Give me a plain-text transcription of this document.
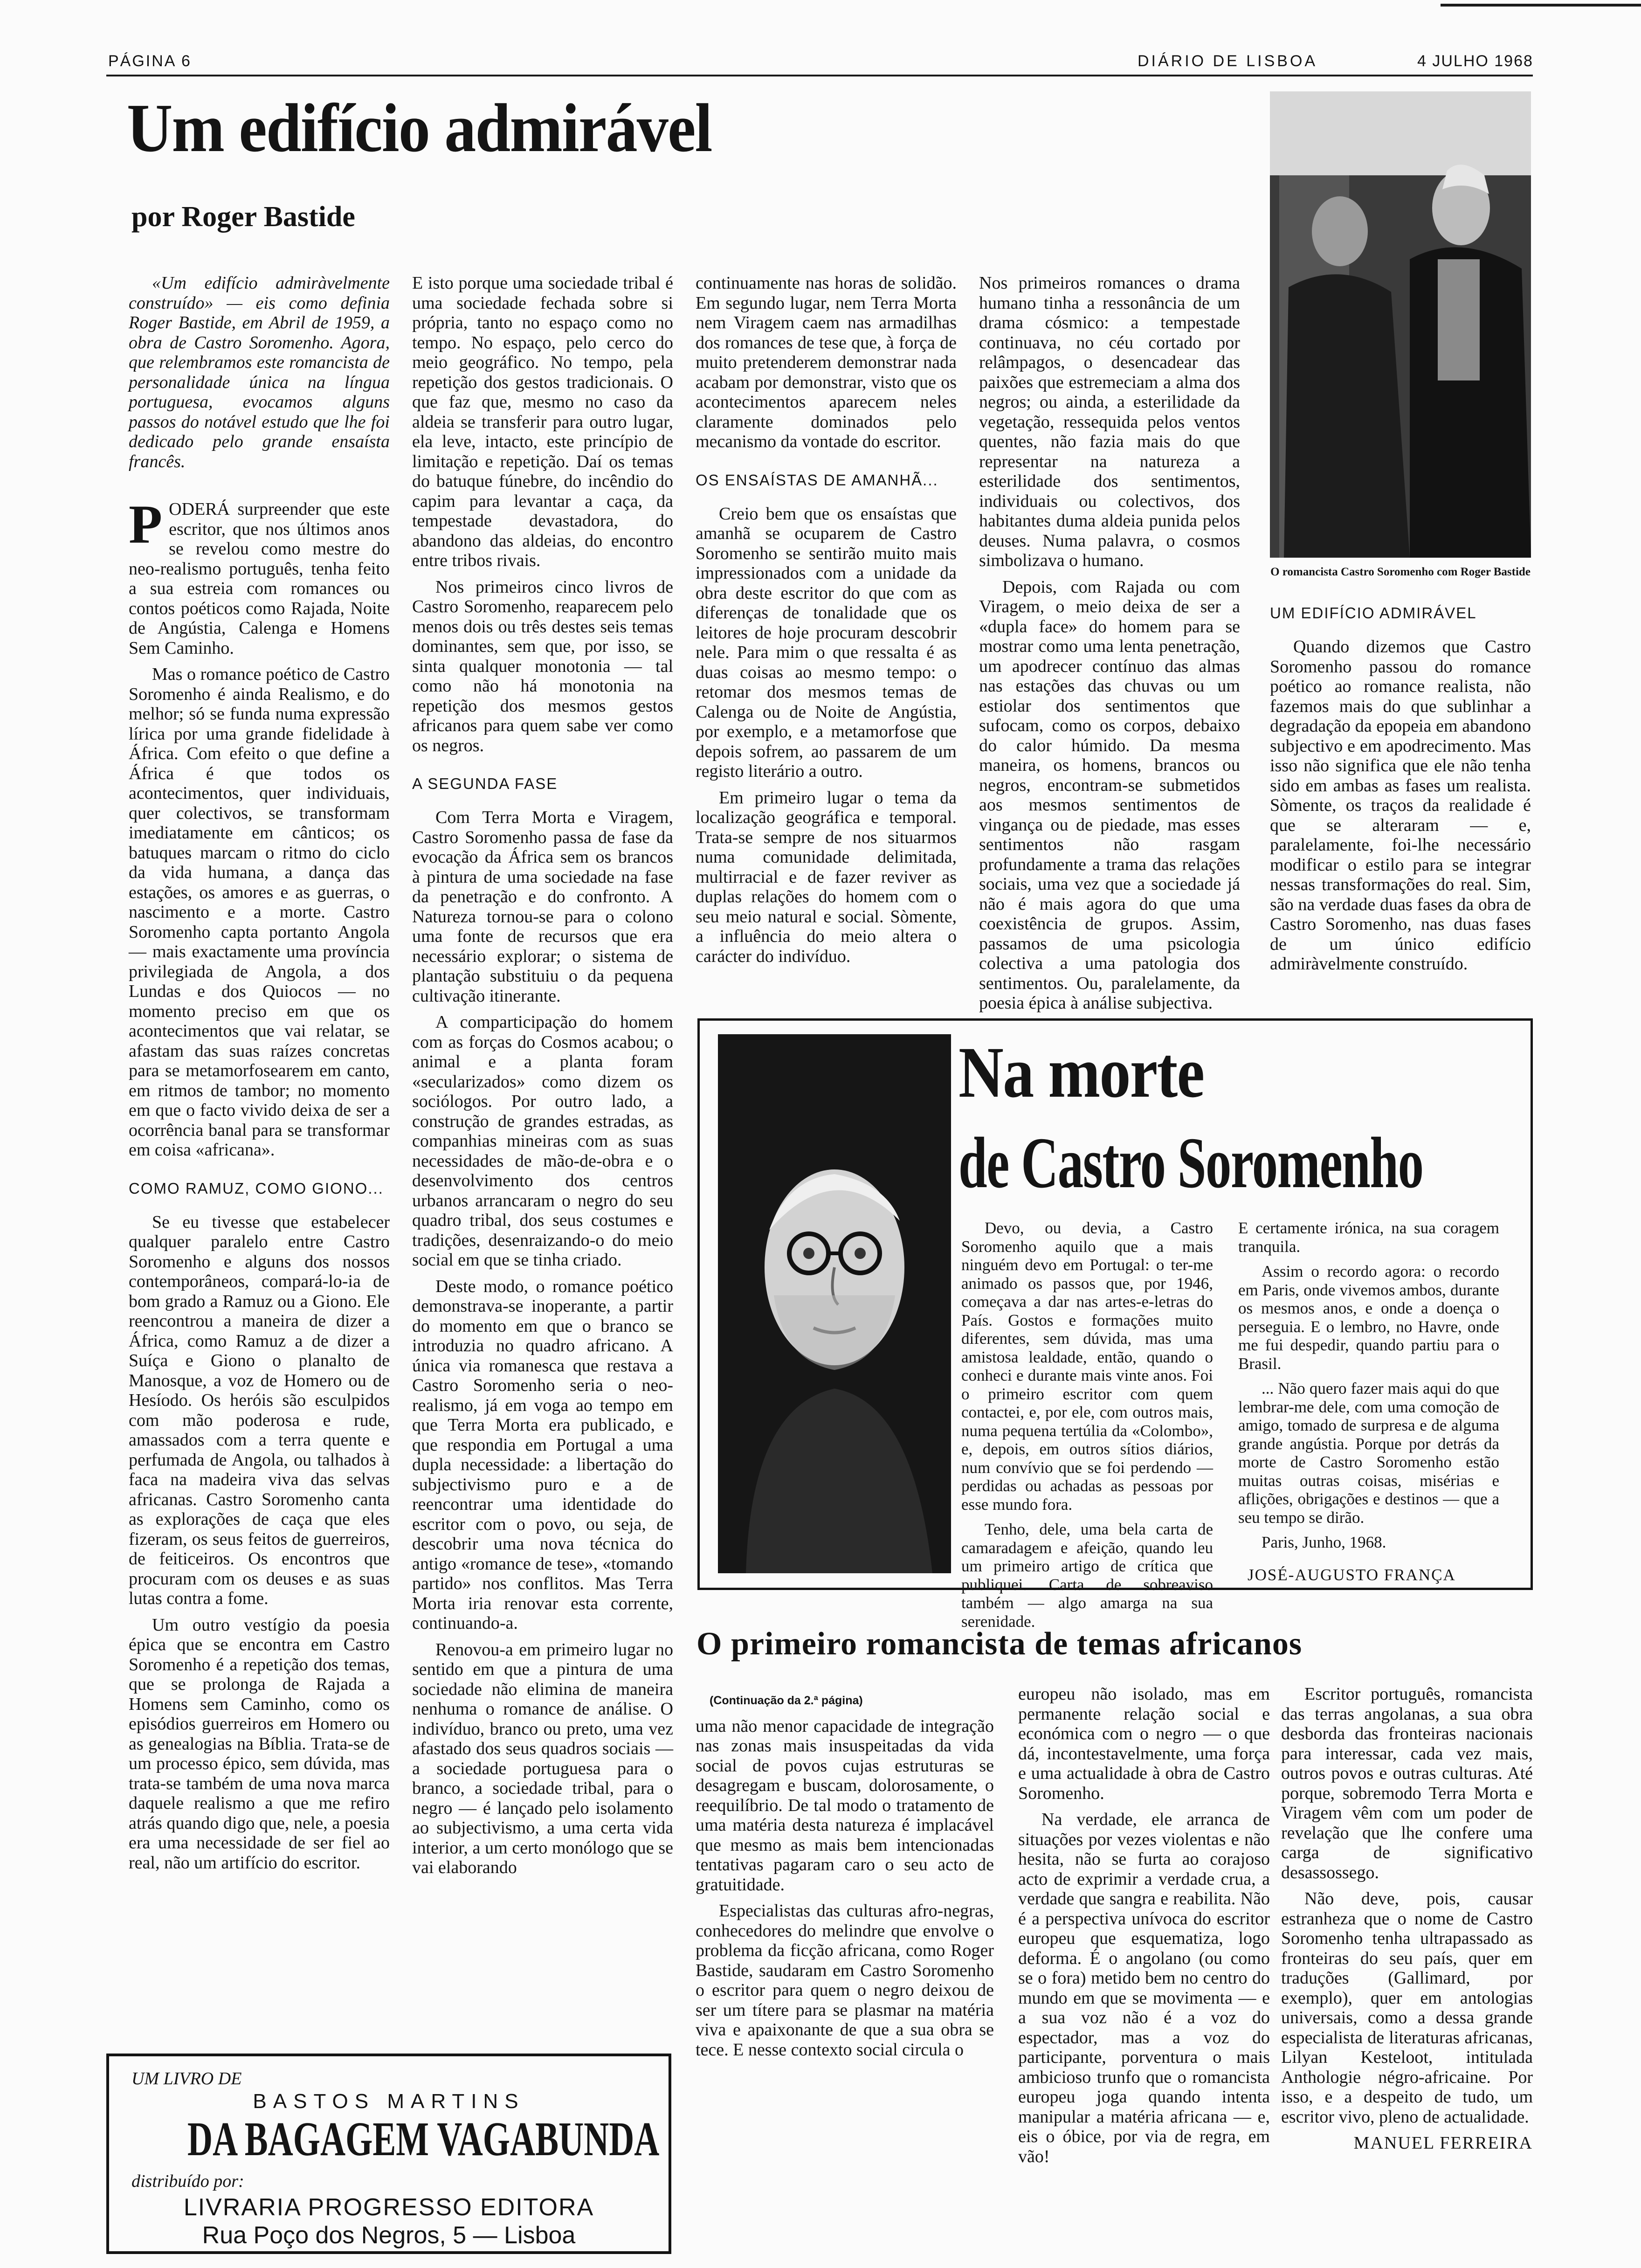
PÁGINA 6	DIÁRIO DE LISBOA	4 JULHO 1968
Um edifício admirável
por Roger Bastide

«Um edifício admiràvelmente construído» — eis como definia Roger Bastide, em Abril de 1959, a obra de Castro Soromenho. Agora, que relembramos este romancista de personalidade única na língua portuguesa, evocamos alguns passos do notável estudo que lhe foi dedicado pelo grande ensaísta francês.

PODERÁ surpreender que este escritor, que nos últimos anos se revelou como mestre do neo-realismo português, tenha feito a sua estreia com romances ou contos poéticos como Rajada, Noite de Angústia, Calenga e Homens Sem Caminho.

Mas o romance poético de Castro Soromenho é ainda Realismo, e do melhor; só se funda numa expressão lírica por uma grande fidelidade à África. Com efeito o que define a África é que todos os acontecimentos, quer individuais, quer colectivos, se transformam imediatamente em cânticos; os batuques marcam o ritmo do ciclo da vida humana, a dança das estações, os amores e as guerras, o nascimento e a morte. Castro Soromenho capta portanto Angola — mais exactamente uma província privilegiada de Angola, a dos Lundas e dos Quiocos — no momento preciso em que os acontecimentos que vai relatar, se afastam das suas raízes concretas para se metamorfosearem em canto, em ritmos de tambor; no momento em que o facto vivido deixa de ser a ocorrência banal para se transformar em coisa «africana».

COMO RAMUZ, COMO GIONO...

Se eu tivesse que estabelecer qualquer paralelo entre Castro Soromenho e alguns dos nossos contemporâneos, compará-lo-ia de bom grado a Ramuz ou a Giono. Ele reencontrou a maneira de dizer a África, como Ramuz a de dizer a Suíça e Giono o planalto de Manosque, a voz de Homero ou de Hesíodo. Os heróis são esculpidos com mão poderosa e rude, amassados com a terra quente e perfumada de Angola, ou talhados à faca na madeira viva das selvas africanas. Castro Soromenho canta as explorações de caça que eles fizeram, os seus feitos de guerreiros, de feiticeiros. Os encontros que procuram com os deuses e as suas lutas contra a fome.

Um outro vestígio da poesia épica que se encontra em Castro Soromenho é a repetição dos temas, que se prolonga de Rajada a Homens sem Caminho, como os episódios guerreiros em Homero ou as genealogias na Bíblia. Trata-se de um processo épico, sem dúvida, mas trata-se também de uma nova marca daquele realismo a que me refiro atrás quando digo que, nele, a poesia era uma necessidade de ser fiel ao real, não um artifício do escritor.

E isto porque uma sociedade tribal é uma sociedade fechada sobre si própria, tanto no espaço como no tempo. No espaço, pelo cerco do meio geográfico. No tempo, pela repetição dos gestos tradicionais. O que faz que, mesmo no caso da aldeia se transferir para outro lugar, ela leve, intacto, este princípio de limitação e repetição. Daí os temas do batuque fúnebre, do incêndio do capim para levantar a caça, da tempestade devastadora, do abandono das aldeias, do encontro entre tribos rivais.

Nos primeiros cinco livros de Castro Soromenho, reaparecem pelo menos dois ou três destes seis temas dominantes, sem que, por isso, se sinta qualquer monotonia — tal como não há monotonia na repetição dos mesmos gestos africanos para quem sabe ver como os negros.

A SEGUNDA FASE

Com Terra Morta e Viragem, Castro Soromenho passa de fase da evocação da África sem os brancos à pintura de uma sociedade na fase da penetração e do confronto. A Natureza tornou-se para o colono uma fonte de recursos que era necessário explorar; o sistema de plantação substituiu o da pequena cultivação itinerante.

A comparticipação do homem com as forças do Cosmos acabou; o animal e a planta foram «secularizados» como dizem os sociólogos. Por outro lado, a construção de grandes estradas, as companhias mineiras com as suas necessidades de mão-de-obra e o desenvolvimento dos centros urbanos arrancaram o negro do seu quadro tribal, dos seus costumes e tradições, desenraizando-o do meio social em que se tinha criado.

Deste modo, o romance poético demonstrava-se inoperante, a partir do momento em que o branco se introduzia no quadro africano. A única via romanesca que restava a Castro Soromenho seria o neo-realismo, já em voga ao tempo em que Terra Morta era publicado, e que respondia em Portugal a uma dupla necessidade: a libertação do subjectivismo puro e a de reencontrar uma identidade do escritor com o povo, ou seja, de descobrir uma nova técnica do antigo «romance de tese», «tomando partido» nos conflitos. Mas Terra Morta iria renovar esta corrente, continuando-a.

Renovou-a em primeiro lugar no sentido em que a pintura de uma sociedade não elimina de maneira nenhuma o romance de análise. O indivíduo, branco ou preto, uma vez afastado dos seus quadros sociais — a sociedade portuguesa para o branco, a sociedade tribal, para o negro — é lançado pelo isolamento ao subjectivismo, a uma certa vida interior, a um certo monólogo que se vai elaborando

continuamente nas horas de solidão. Em segundo lugar, nem Terra Morta nem Viragem caem nas armadilhas dos romances de tese que, à força de muito pretenderem demonstrar nada acabam por demonstrar, visto que os acontecimentos aparecem neles claramente dominados pelo mecanismo da vontade do escritor.

OS ENSAÍSTAS DE AMANHÃ...

Creio bem que os ensaístas que amanhã se ocuparem de Castro Soromenho se sentirão muito mais impressionados com a unidade da obra deste escritor do que com as diferenças de tonalidade que os leitores de hoje procuram descobrir nele. Para mim o que ressalta é as duas coisas ao mesmo tempo: o retomar dos mesmos temas de Calenga ou de Noite de Angústia, por exemplo, e a metamorfose que depois sofrem, ao passarem de um registo literário a outro.

Em primeiro lugar o tema da localização geográfica e temporal. Trata-se sempre de nos situarmos numa comunidade delimitada, multirracial e de fazer reviver as duplas relações do homem com o seu meio natural e social. Sòmente, a influência do meio altera o carácter do indivíduo.

Nos primeiros romances o drama humano tinha a ressonância de um drama cósmico: a tempestade continuava, no céu cortado por relâmpagos, o desencadear das paixões que estremeciam a alma dos negros; ou ainda, a esterilidade da vegetação, ressequida pelos ventos quentes, não fazia mais do que representar na natureza a esterilidade dos sentimentos, individuais ou colectivos, dos habitantes duma aldeia punida pelos deuses. Numa palavra, o cosmos simbolizava o humano.

Depois, com Rajada ou com Viragem, o meio deixa de ser a «dupla face» do homem para se mostrar como uma lenta penetração, um apodrecer contínuo das almas nas estações das chuvas ou um estiolar dos sentimentos que sufocam, como os corpos, debaixo do calor húmido. Da mesma maneira, os homens, brancos ou negros, encontram-se submetidos aos mesmos sentimentos de vingança ou de piedade, mas esses sentimentos não rasgam profundamente a trama das relações sociais, uma vez que a sociedade já não é mais agora do que uma coexistência de grupos. Assim, passamos de uma psicologia colectiva a uma patologia dos sentimentos. Ou, paralelamente, da poesia épica à análise subjectiva.

O romancista Castro Soromenho com Roger Bastide

UM EDIFÍCIO ADMIRÁVEL

Quando dizemos que Castro Soromenho passou do romance poético ao romance realista, não fazemos mais do que sublinhar a degradação da epopeia em abandono subjectivo e em apodrecimento. Mas isso não significa que ele não tenha sido em ambas as fases um realista. Sòmente, os traços da realidade é que se alteraram — e, paralelamente, foi-lhe necessário modificar o estilo para se integrar nessas transformações do real. Sim, são na verdade duas fases da obra de Castro Soromenho, nas duas fases de um único edifício admiràvelmente construído.

Na morte
de Castro Soromenho

Devo, ou devia, a Castro Soromenho aquilo que a mais ninguém devo em Portugal: o ter-me animado os passos que, por 1946, começava a dar nas artes-e-letras do País. Gostos e formações muito diferentes, sem dúvida, mas uma amistosa lealdade, então, quando o conheci e durante mais vinte anos. Foi o primeiro escritor com quem contactei, e, por ele, com outros mais, numa pequena tertúlia da «Colombo», e, depois, em outros sítios diários, num convívio que se foi perdendo — perdidas ou achadas as pessoas por esse mundo fora.

Tenho, dele, uma bela carta de camaradagem e afeição, quando leu um primeiro artigo de crítica que publiquei. Carta de sobreaviso também — algo amarga na sua serenidade.

E certamente irónica, na sua coragem tranquila.

Assim o recordo agora: o recordo em Paris, onde vivemos ambos, durante os mesmos anos, e onde a doença o perseguia. E o lembro, no Havre, onde me fui despedir, quando partiu para o Brasil.

... Não quero fazer mais aqui do que lembrar-me dele, com uma comoção de amigo, tomado de surpresa e de alguma grande angústia. Porque por detrás da morte de Castro Soromenho estão muitas outras coisas, misérias e aflições, obrigações e destinos — que a seu tempo se dirão.

Paris, Junho, 1968.

JOSÉ-AUGUSTO FRANÇA

O primeiro romancista de temas africanos

(Continuação da 2.ª página)

uma não menor capacidade de integração nas zonas mais insuspeitadas da vida social de povos cujas estruturas se desagregam e buscam, dolorosamente, o reequilíbrio. De tal modo o tratamento de uma matéria desta natureza é implacável que mesmo as mais bem intencionadas tentativas pagaram caro o seu acto de gratuitidade.

Especialistas das culturas afro-negras, conhecedores do melindre que envolve o problema da ficção africana, como Roger Bastide, saudaram em Castro Soromenho o escritor para quem o negro deixou de ser um títere para se plasmar na matéria viva e apaixonante de que a sua obra se tece. E nesse contexto social circula o

europeu não isolado, mas em permanente relação social e económica com o negro — o que dá, incontestavelmente, uma força e uma actualidade à obra de Castro Soromenho.

Na verdade, ele arranca de situações por vezes violentas e não hesita, não se furta ao corajoso acto de exprimir a verdade crua, a verdade que sangra e reabilita. Não é a perspectiva unívoca do escritor europeu que esquematiza, logo deforma. É o angolano (ou como se o fora) metido bem no centro do mundo em que se movimenta — e a sua voz não é a voz do espectador, mas a voz do participante, porventura o mais ambicioso trunfo que o romancista europeu joga quando intenta manipular a matéria africana — e, eis o óbice, por via de regra, em vão!

Escritor português, romancista das terras angolanas, a sua obra desborda das fronteiras nacionais para interessar, cada vez mais, outros povos e outras culturas. Até porque, sobremodo Terra Morta e Viragem vêm com um poder de revelação que lhe confere uma carga de significativo desassossego.

Não deve, pois, causar estranheza que o nome de Castro Soromenho tenha ultrapassado as fronteiras do seu país, quer em traduções (Gallimard, por exemplo), quer em antologias universais, como a dessa grande especialista de literaturas africanas, Lilyan Kesteloot, intitulada Anthologie négro-africaine. Por isso, e a despeito de tudo, um escritor vivo, pleno de actualidade.

MANUEL FERREIRA

UM LIVRO DE
BASTOS MARTINS
DA BAGAGEM VAGABUNDA
distribuído por:
LIVRARIA PROGRESSO EDITORA
Rua Poço dos Negros, 5 — Lisboa
